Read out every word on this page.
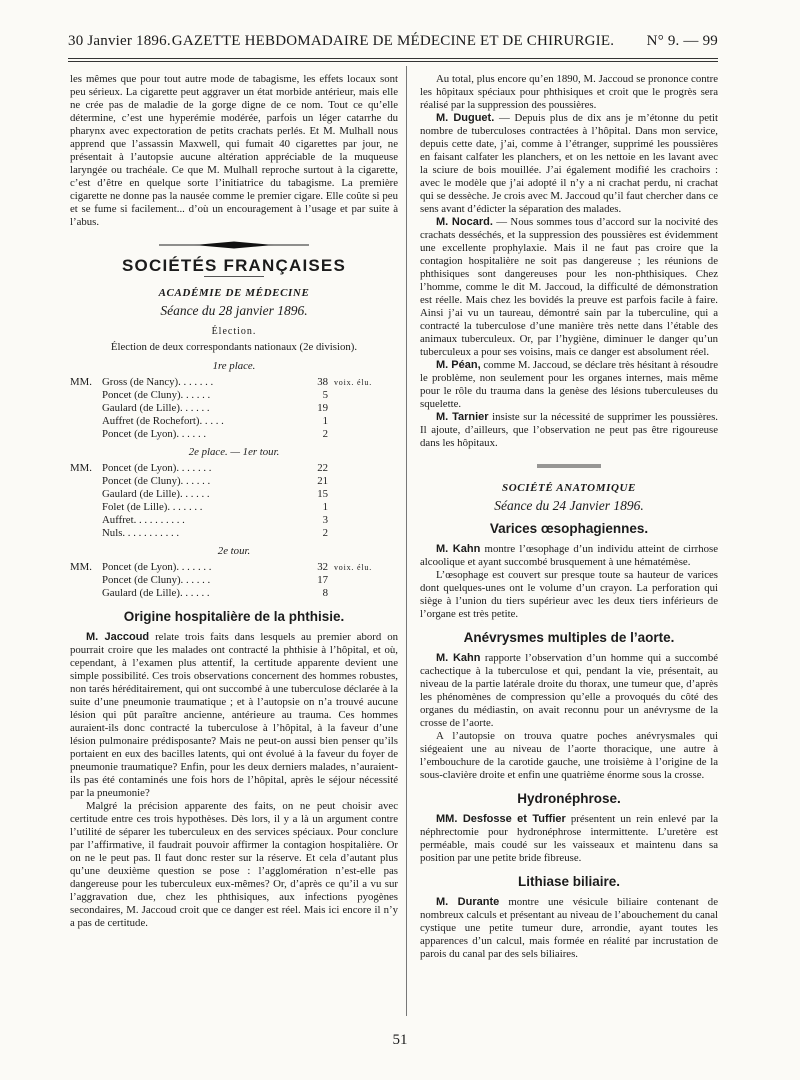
30 Janvier 1896. GAZETTE HEBDOMADAIRE DE MÉDECINE ET DE CHIRURGIE.	N° 9. — 99

les mêmes que pour tout autre mode de tabagisme, les effets locaux sont peu sérieux. La cigarette peut aggraver un état morbide antérieur, mais elle ne crée pas de maladie de la gorge digne de ce nom. Tout ce qu’elle détermine, c’est une hyperémie modérée, parfois un léger catarrhe du pharynx avec expectoration de petits crachats perlés. Et M. Mulhall nous apprend que l’assassin Maxwell, qui fumait 40 cigarettes par jour, ne présentait à l’autopsie aucune altération appréciable de la muqueuse laryngée ou trachéale. Ce que M. Mulhall reproche surtout à la cigarette, c’est d’être en quelque sorte l’initiatrice du tabagisme. La première cigarette ne donne pas la nausée comme le premier cigare. Elle coûte si peu et se fume si facilement... d’où un encouragement à l’usage et par suite à l’abus.

SOCIÉTÉS FRANÇAISES
ACADÉMIE DE MÉDECINE
Séance du 28 janvier 1896.
Élection.
Élection de deux correspondants nationaux (2e division).
1re place.
MM. Gross (de Nancy). . . . . . .	38 voix. élu.
Poncet (de Cluny). . . . . .	5
Gaulard (de Lille). . . . . .	19
Auffret (de Rochefort). . . . .	1
Poncet (de Lyon). . . . . .	2
2e place. — 1er tour.
MM. Poncet (de Lyon). . . . . . .	22
Poncet (de Cluny). . . . . .	21
Gaulard (de Lille). . . . . .	15
Folet (de Lille). . . . . . .	1
Auffret. . . . . . . . . .	3
Nuls. . . . . . . . . . .	2
2e tour.
MM. Poncet (de Lyon). . . . . . .	32 voix. élu.
Poncet (de Cluny). . . . . .	17
Gaulard (de Lille). . . . . .	8
Origine hospitalière de la phthisie.

M. Jaccoud relate trois faits dans lesquels au premier abord on pourrait croire que les malades ont contracté la phthisie à l’hôpital, et où, cependant, à l’examen plus attentif, la certitude apparente devient une simple possibilité. Ces trois observations concernent des hommes robustes, non tarés héréditairement, qui ont succombé à une tuberculose déclarée à la suite d’une pneumonie traumatique ; et à l’autopsie on n’a trouvé aucune lésion qui pût paraître ancienne, antérieure au trauma. Ces hommes auraient-ils donc contracté la tuberculose à l’hôpital, à la faveur d’une lésion pulmonaire prédisposante? Mais ne peut-on aussi bien penser qu’ils portaient en eux des bacilles latents, qui ont évolué à la faveur du foyer de pneumonie traumatique? Enfin, pour les deux derniers malades, n’auraient-ils pas été contaminés une fois hors de l’hôpital, après le séjour nécessité par la pneumonie?

Malgré la précision apparente des faits, on ne peut choisir avec certitude entre ces trois hypothèses. Dès lors, il y a là un argument contre l’utilité de séparer les tuberculeux en des services spéciaux. Pour conclure par l’affirmative, il faudrait pouvoir affirmer la contagion hospitalière. Or on ne le peut pas. Il faut donc rester sur la réserve. Et cela d’autant plus qu’une deuxième question se pose : l’agglomération n’est-elle pas dangereuse pour les tuberculeux eux-mêmes? Or, d’après ce qu’il a vu sur l’aggravation due, chez les phthisiques, aux infections pyogènes secondaires, M. Jaccoud croit que ce danger est réel. Mais ici encore il n’y a pas de certitude.

Au total, plus encore qu’en 1890, M. Jaccoud se prononce contre les hôpitaux spéciaux pour phthisiques et croit que le progrès sera réalisé par la suppression des poussières.

M. Duguet. — Depuis plus de dix ans je m’étonne du petit nombre de tuberculoses contractées à l’hôpital. Dans mon service, depuis cette date, j’ai, comme à l’étranger, supprimé les poussières en faisant calfater les planchers, et on les nettoie en les lavant avec la sciure de bois mouillée. J’ai également modifié les crachoirs : avec le modèle que j’ai adopté il n’y a ni crachat perdu, ni crachat qui se dessèche. Je crois avec M. Jaccoud qu’il faut chercher dans ce sens avant d’édicter la séparation des malades.

M. Nocard. — Nous sommes tous d’accord sur la nocivité des crachats desséchés, et la suppression des poussières est évidemment une excellente prophylaxie. Mais il ne faut pas croire que la contagion hospitalière ne soit pas dangereuse ; les réunions de phthisiques sont dangereuses pour les non-phthisiques. Chez l’homme, comme le dit M. Jaccoud, la difficulté de démonstration est réelle. Mais chez les bovidés la preuve est parfois facile à faire. Ainsi j’ai vu un taureau, démontré sain par la tuberculine, qui a contracté la tuberculose d’une manière très nette dans l’étable des animaux tuberculeux. Or, par l’hygiène, diminuer le danger qu’un tuberculeux a pour ses voisins, mais ce danger est absolument réel.

M. Péan, comme M. Jaccoud, se déclare très hésitant à résoudre le problème, non seulement pour les organes internes, mais même pour le rôle du trauma dans la genèse des lésions tuberculeuses du squelette.

M. Tarnier insiste sur la nécessité de supprimer les poussières. Il ajoute, d’ailleurs, que l’observation ne peut pas être rigoureuse dans les hôpitaux.

SOCIÉTÉ ANATOMIQUE
Séance du 24 Janvier 1896.
Varices œsophagiennes.

M. Kahn montre l’œsophage d’un individu atteint de cirrhose alcoolique et ayant succombé brusquement à une hématémèse.

L’œsophage est couvert sur presque toute sa hauteur de varices dont quelques-unes ont le volume d’un crayon. La perforation qui siège à l’union du tiers supérieur avec les deux tiers inférieurs de l’organe est très petite.

Anévrysmes multiples de l’aorte.

M. Kahn rapporte l’observation d’un homme qui a succombé cachectique à la tuberculose et qui, pendant la vie, présentait, au niveau de la partie latérale droite du thorax, une tumeur que, d’après les phénomènes de compression qu’elle a provoqués du côté des organes du médiastin, on avait reconnu pour un anévrysme de la crosse de l’aorte.

A l’autopsie on trouva quatre poches anévrysmales qui siégeaient une au niveau de l’aorte thoracique, une autre à l’embouchure de la carotide gauche, une troisième à l’origine de la sous-clavière droite et enfin une quatrième énorme sous la crosse.

Hydronéphrose.

MM. Desfosse et Tuffier présentent un rein enlevé par la néphrectomie pour hydronéphrose intermittente. L’uretère est perméable, mais coudé sur les vaisseaux et maintenu dans sa position par une petite bride fibreuse.

Lithiase biliaire.

M. Durante montre une vésicule biliaire contenant de nombreux calculs et présentant au niveau de l’abouchement du canal cystique une petite tumeur dure, arrondie, ayant toutes les apparences d’un calcul, mais formée en réalité par incrustation de parois du canal par des sels biliaires.

51
